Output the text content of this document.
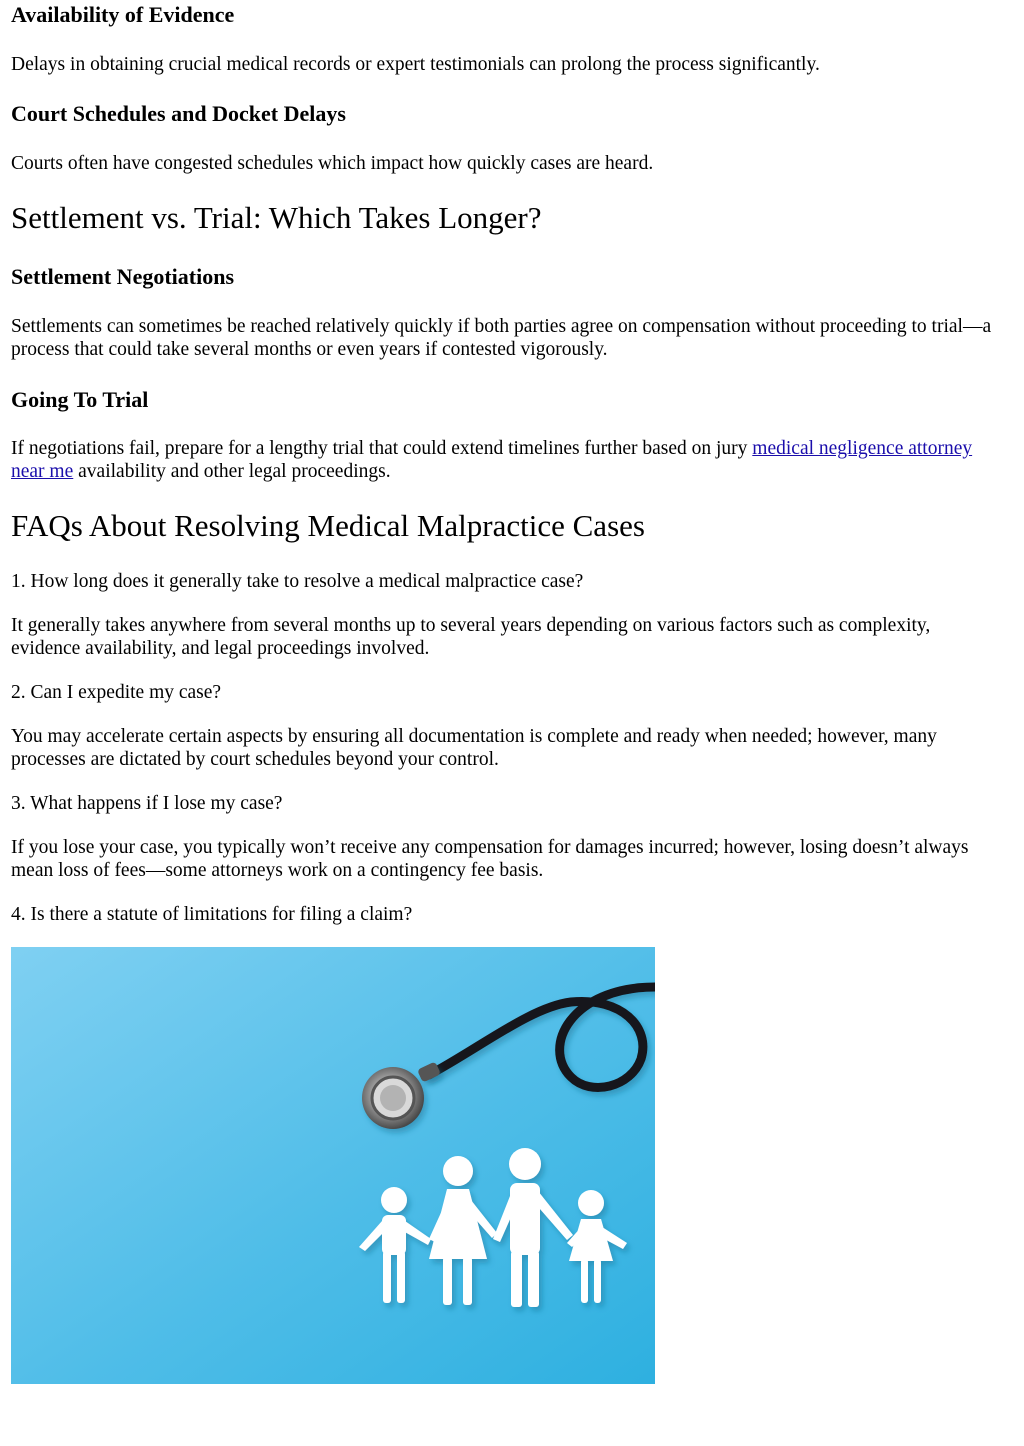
Availability of Evidence

Delays in obtaining crucial medical records or expert testimonials can prolong the process significantly.

Court Schedules and Docket Delays

Courts often have congested schedules which impact how quickly cases are heard.

Settlement vs. Trial: Which Takes Longer?
Settlement Negotiations

Settlements can sometimes be reached relatively quickly if both parties agree on compensation without proceeding to trial—a process that could take several months or even years if contested vigorously.

Going To Trial

If negotiations fail, prepare for a lengthy trial that could extend timelines further based on jury medical negligence attorney near me availability and other legal proceedings.

FAQs About Resolving Medical Malpractice Cases

1. How long does it generally take to resolve a medical malpractice case?

It generally takes anywhere from several months up to several years depending on various factors such as complexity, evidence availability, and legal proceedings involved.

2. Can I expedite my case?

You may accelerate certain aspects by ensuring all documentation is complete and ready when needed; however, many processes are dictated by court schedules beyond your control.

3. What happens if I lose my case?

If you lose your case, you typically won’t receive any compensation for damages incurred; however, losing doesn’t always mean loss of fees—some attorneys work on a contingency fee basis.

4. Is there a statute of limitations for filing a claim?
